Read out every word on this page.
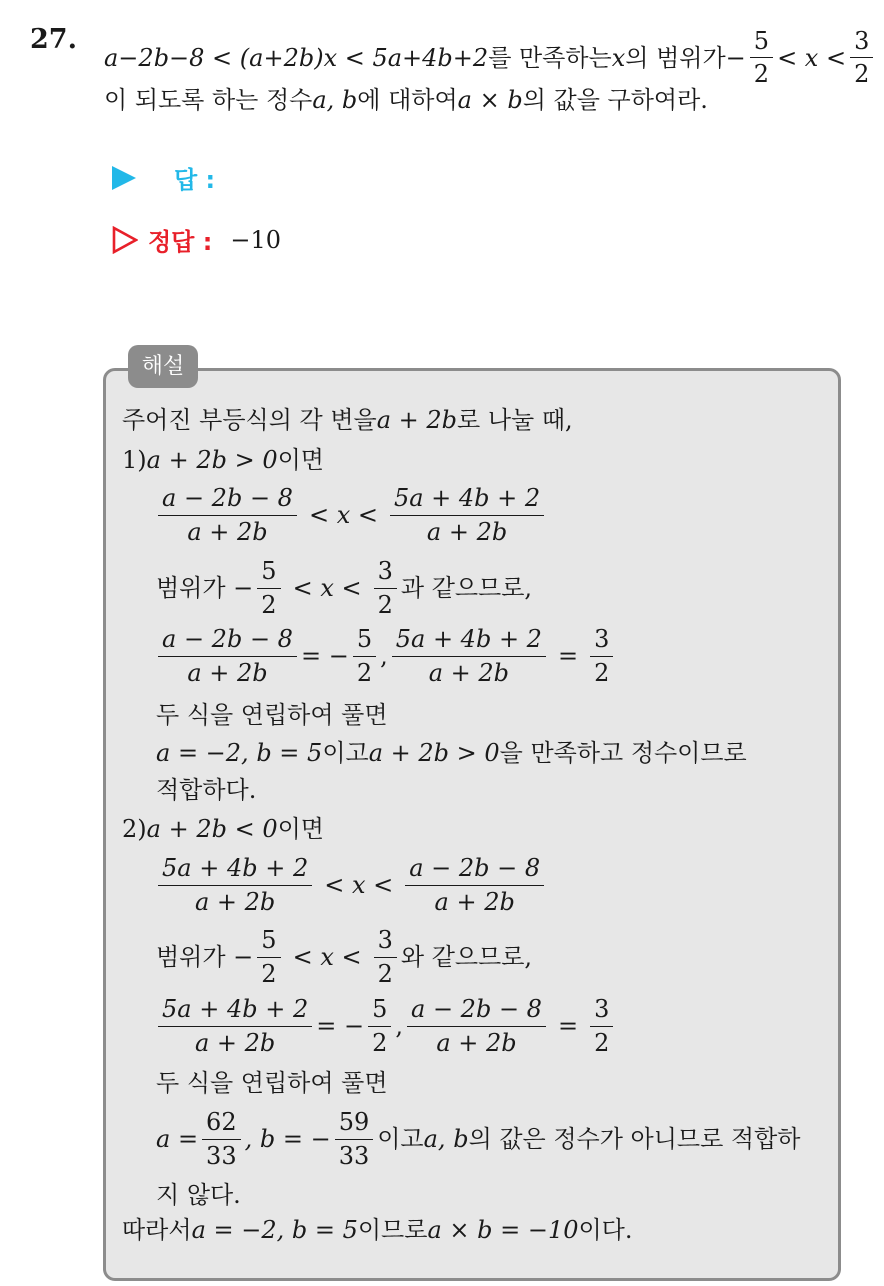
27.
a−2b−8 < (a+2b)x < 5a+4b+2 를 만족하는 x 의 범위가 − $\frac{5}{2} < x < \frac{3}{2}$
이 되도록 하는 정수 a, b 에 대하여 a × b 의 값을 구하여라.
답 :
정답 : −10
해설
주어진 부등식의 각 변을 a + 2b 로 나눌 때,
1) a + 2b > 0 이면
$\frac{a - 2b - 8}{a + 2b} < x < \frac{5a + 4b + 2}{a + 2b}$
범위가 − $\frac{5}{2} < x < \frac{3}{2}$ 과 같으므로,
$\frac{a - 2b - 8}{a + 2b}$ = − $\frac{5}{2}$ , $\frac{5a + 4b + 2}{a + 2b} = \frac{3}{2}$
두 식을 연립하여 풀면
a = −2, b = 5 이고 a + 2b > 0 을 만족하고 정수이므로
적합하다.
2) a + 2b < 0 이면
$\frac{5a + 4b + 2}{a + 2b} < x < \frac{a - 2b - 8}{a + 2b}$
범위가 − $\frac{5}{2} < x < \frac{3}{2}$ 와 같으므로,
$\frac{5a + 4b + 2}{a + 2b}$ = − $\frac{5}{2}$ , $\frac{a - 2b - 8}{a + 2b} = \frac{3}{2}$
두 식을 연립하여 풀면
$a = \frac{62}{33}$ , b = − $\frac{59}{33}$ 이고 a, b 의 값은 정수가 아니므로 적합하
지 않다.
따라서 a = −2, b = 5 이므로 a × b = −10 이다.
